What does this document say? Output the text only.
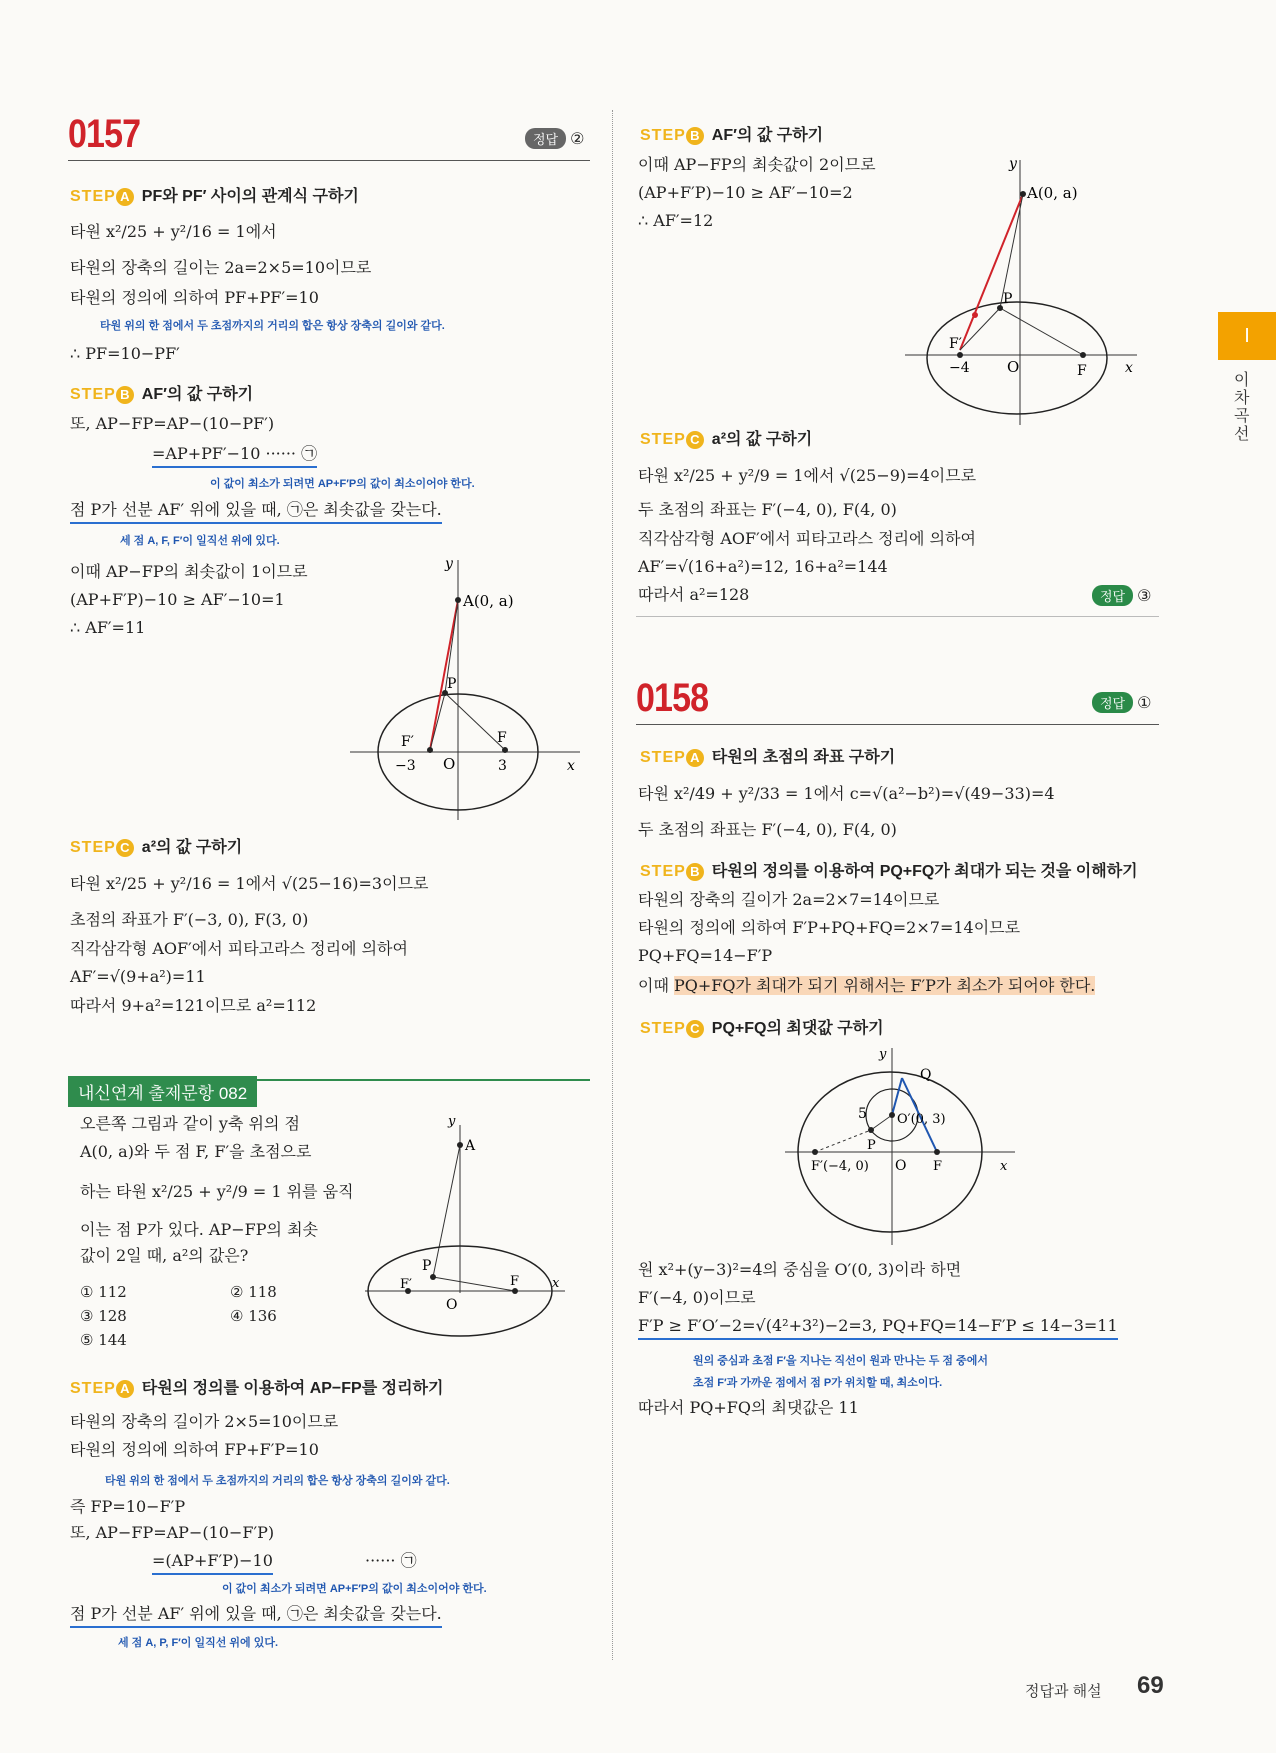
0157	정답 ②
STEP A PF와 PF′ 사이의 관계식 구하기
타원 x²/25 + y²/16 = 1에서
타원의 장축의 길이는 2a=2×5=10이므로
타원의 정의에 의하여 PF+PF′=10
타원 위의 한 점에서 두 초점까지의 거리의 합은 항상 장축의 길이와 같다.
∴ PF=10−PF′
STEP B AF′의 값 구하기
또, AP−FP=AP−(10−PF′)
=AP+PF′−10 ······ ㉠
이 값이 최소가 되려면 AP+F′P의 값이 최소이어야 한다.
점 P가 선분 AF′ 위에 있을 때, ㉠은 최솟값을 갖는다.
세 점 A, F, F′이 일직선 위에 있다.
이때 AP−FP의 최솟값이 1이므로
(AP+F′P)−10 ≥ AF′−10=1
∴ AF′=11
A(0, a)
P
F′	F
O
−3	3	x
y
STEP C a²의 값 구하기
타원 x²/25 + y²/16 = 1에서 √(25−16)=3이므로
초점의 좌표가 F′(−3, 0), F(3, 0)
직각삼각형 AOF′에서 피타고라스 정리에 의하여
AF′=√(9+a²)=11
따라서 9+a²=121이므로 a²=112
내신연계 출제문항 082
오른쪽 그림과 같이 y축 위의 점
A(0, a)와 두 점 F, F′을 초점으로
하는 타원 x²/25 + y²/9 = 1 위를 움직
이는 점 P가 있다. AP−FP의 최솟
값이 2일 때, a²의 값은?
① 112	② 118
③ 128	④ 136
⑤ 144
A
P
F′	F	x
y
O
STEP A 타원의 정의를 이용하여 AP−FP를 정리하기
타원의 장축의 길이가 2×5=10이므로
타원의 정의에 의하여 FP+F′P=10
타원 위의 한 점에서 두 초점까지의 거리의 합은 항상 장축의 길이와 같다.
즉 FP=10−F′P
또, AP−FP=AP−(10−F′P)
=(AP+F′P)−10	······ ㉠
이 값이 최소가 되려면 AP+F′P의 값이 최소이어야 한다.
점 P가 선분 AF′ 위에 있을 때, ㉠은 최솟값을 갖는다.
세 점 A, P, F′이 일직선 위에 있다.
STEP B AF′의 값 구하기
이때 AP−FP의 최솟값이 2이므로
(AP+F′P)−10 ≥ AF′−10=2
∴ AF′=12
A(0, a)
P
F′
F
O
−4	x
y
STEP C a²의 값 구하기
타원 x²/25 + y²/9 = 1에서 √(25−9)=4이므로
두 초점의 좌표는 F′(−4, 0), F(4, 0)
직각삼각형 AOF′에서 피타고라스 정리에 의하여
AF′=√(16+a²)=12, 16+a²=144
따라서 a²=128	정답 ③
0158	정답 ①
STEP A 타원의 초점의 좌표 구하기
타원 x²/49 + y²/33 = 1에서 c=√(a²−b²)=√(49−33)=4
두 초점의 좌표는 F′(−4, 0), F(4, 0)
STEP B 타원의 정의를 이용하여 PQ+FQ가 최대가 되는 것을 이해하기
타원의 장축의 길이가 2a=2×7=14이므로
타원의 정의에 의하여 F′P+PQ+FQ=2×7=14이므로
PQ+FQ=14−F′P
이때 PQ+FQ가 최대가 되기 위해서는 F′P가 최소가 되어야 한다.
STEP C PQ+FQ의 최댓값 구하기
Q
5 O′(0, 3)
P
F′(−4, 0) O F	x
y
원 x²+(y−3)²=4의 중심을 O′(0, 3)이라 하면
F′(−4, 0)이므로
F′P ≥ F′O′−2=√(4²+3²)−2=3, PQ+FQ=14−F′P ≤ 14−3=11
원의 중심과 초점 F′을 지나는 직선이 원과 만나는 두 점 중에서
초점 F′과 가까운 점에서 점 P가 위치할 때, 최소이다.
따라서 PQ+FQ의 최댓값은 11
I
이차곡선
정답과 해설 69
